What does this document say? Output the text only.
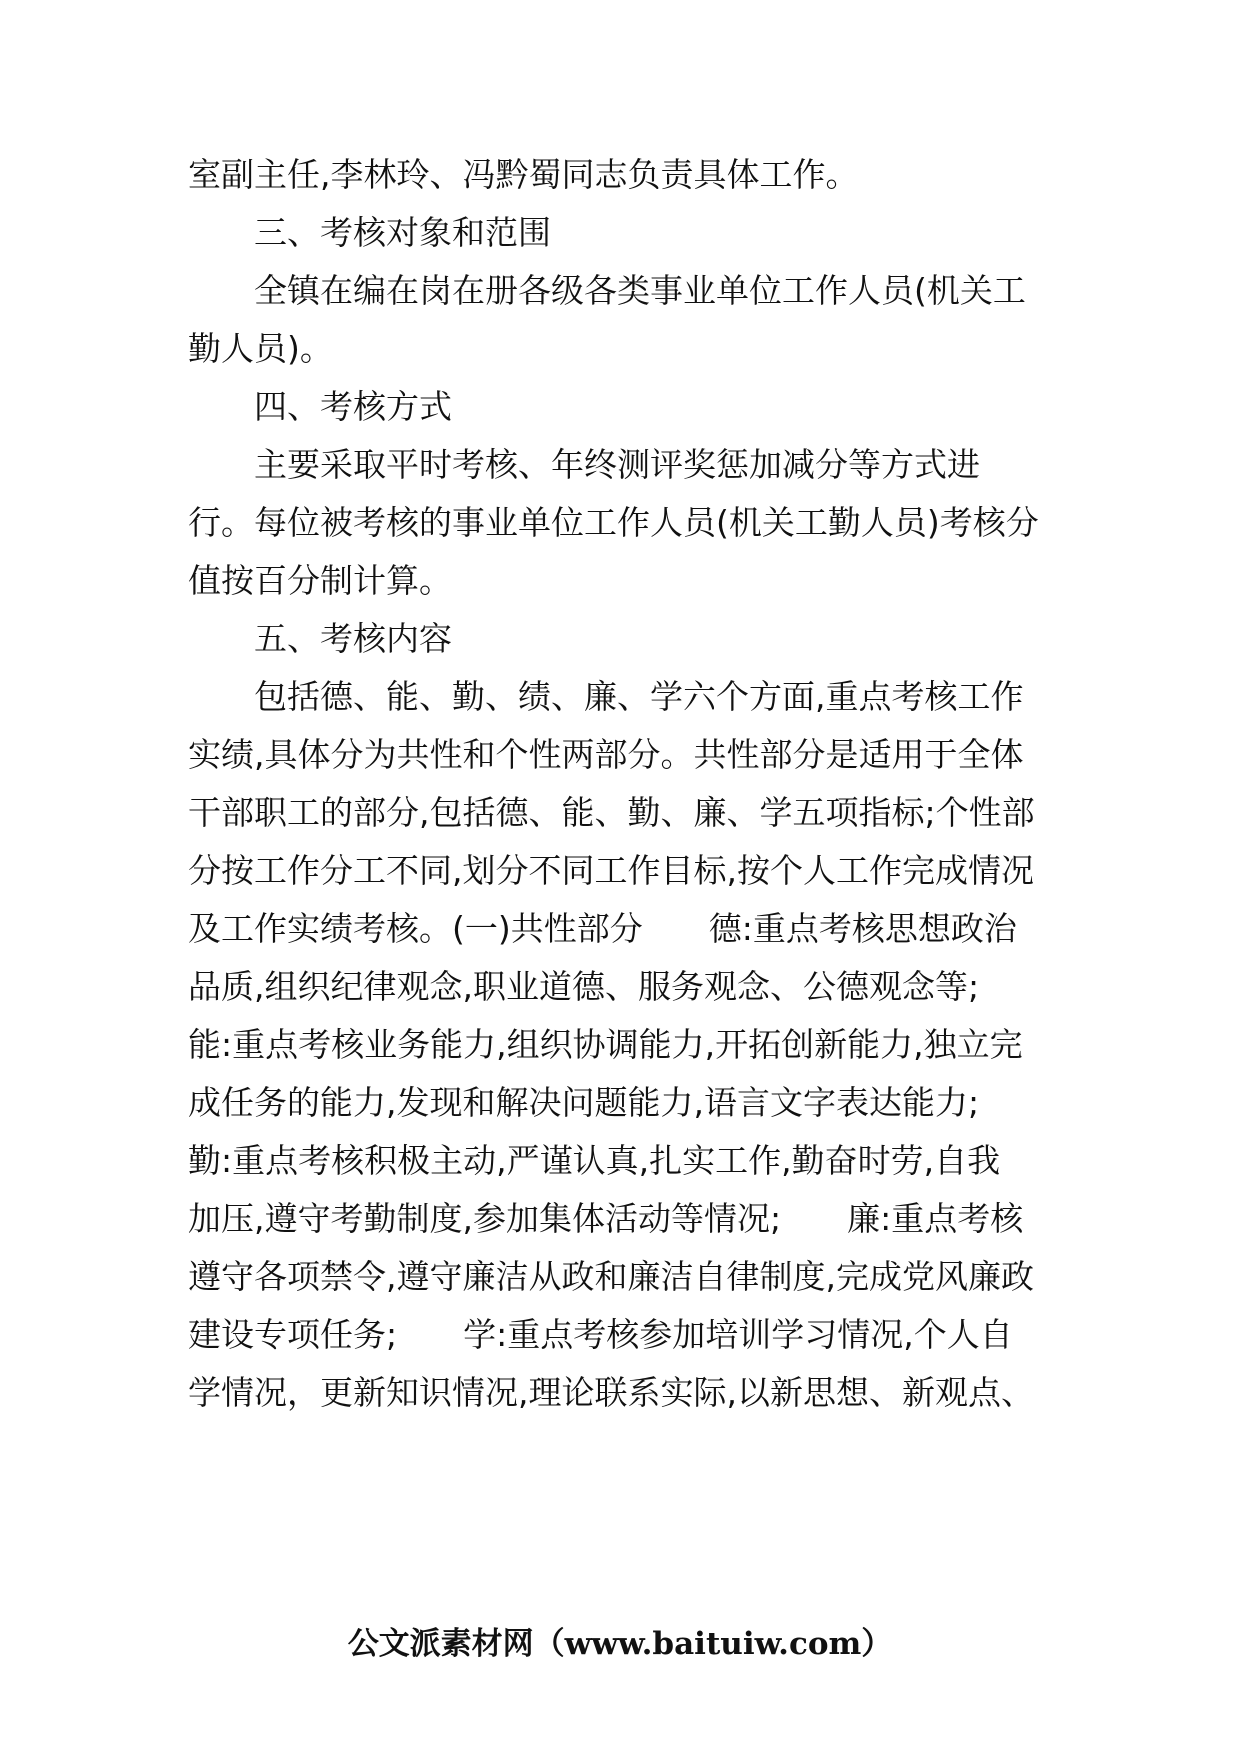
室副主任,李林玲、冯黔蜀同志负责具体工作。
　　三、考核对象和范围
　　全镇在编在岗在册各级各类事业单位工作人员(机关工
勤人员)。
　　四、考核方式
　　主要采取平时考核、年终测评奖惩加减分等方式进
行。每位被考核的事业单位工作人员(机关工勤人员)考核分
值按百分制计算。
　　五、考核内容
　　包括德、能、勤、绩、廉、学六个方面,重点考核工作
实绩,具体分为共性和个性两部分。共性部分是适用于全体
干部职工的部分,包括德、能、勤、廉、学五项指标;个性部
分按工作分工不同,划分不同工作目标,按个人工作完成情况
及工作实绩考核。(一)共性部分　　德:重点考核思想政治
品质,组织纪律观念,职业道德、服务观念、公德观念等;
能:重点考核业务能力,组织协调能力,开拓创新能力,独立完
成任务的能力,发现和解决问题能力,语言文字表达能力;
勤:重点考核积极主动,严谨认真,扎实工作,勤奋时劳,自我
加压,遵守考勤制度,参加集体活动等情况;　　廉:重点考核
遵守各项禁令,遵守廉洁从政和廉洁自律制度,完成党风廉政
建设专项任务;　　学:重点考核参加培训学习情况,个人自
学情况，更新知识情况,理论联系实际,以新思想、新观点、
公文派素材网（www.baituiw.com）
